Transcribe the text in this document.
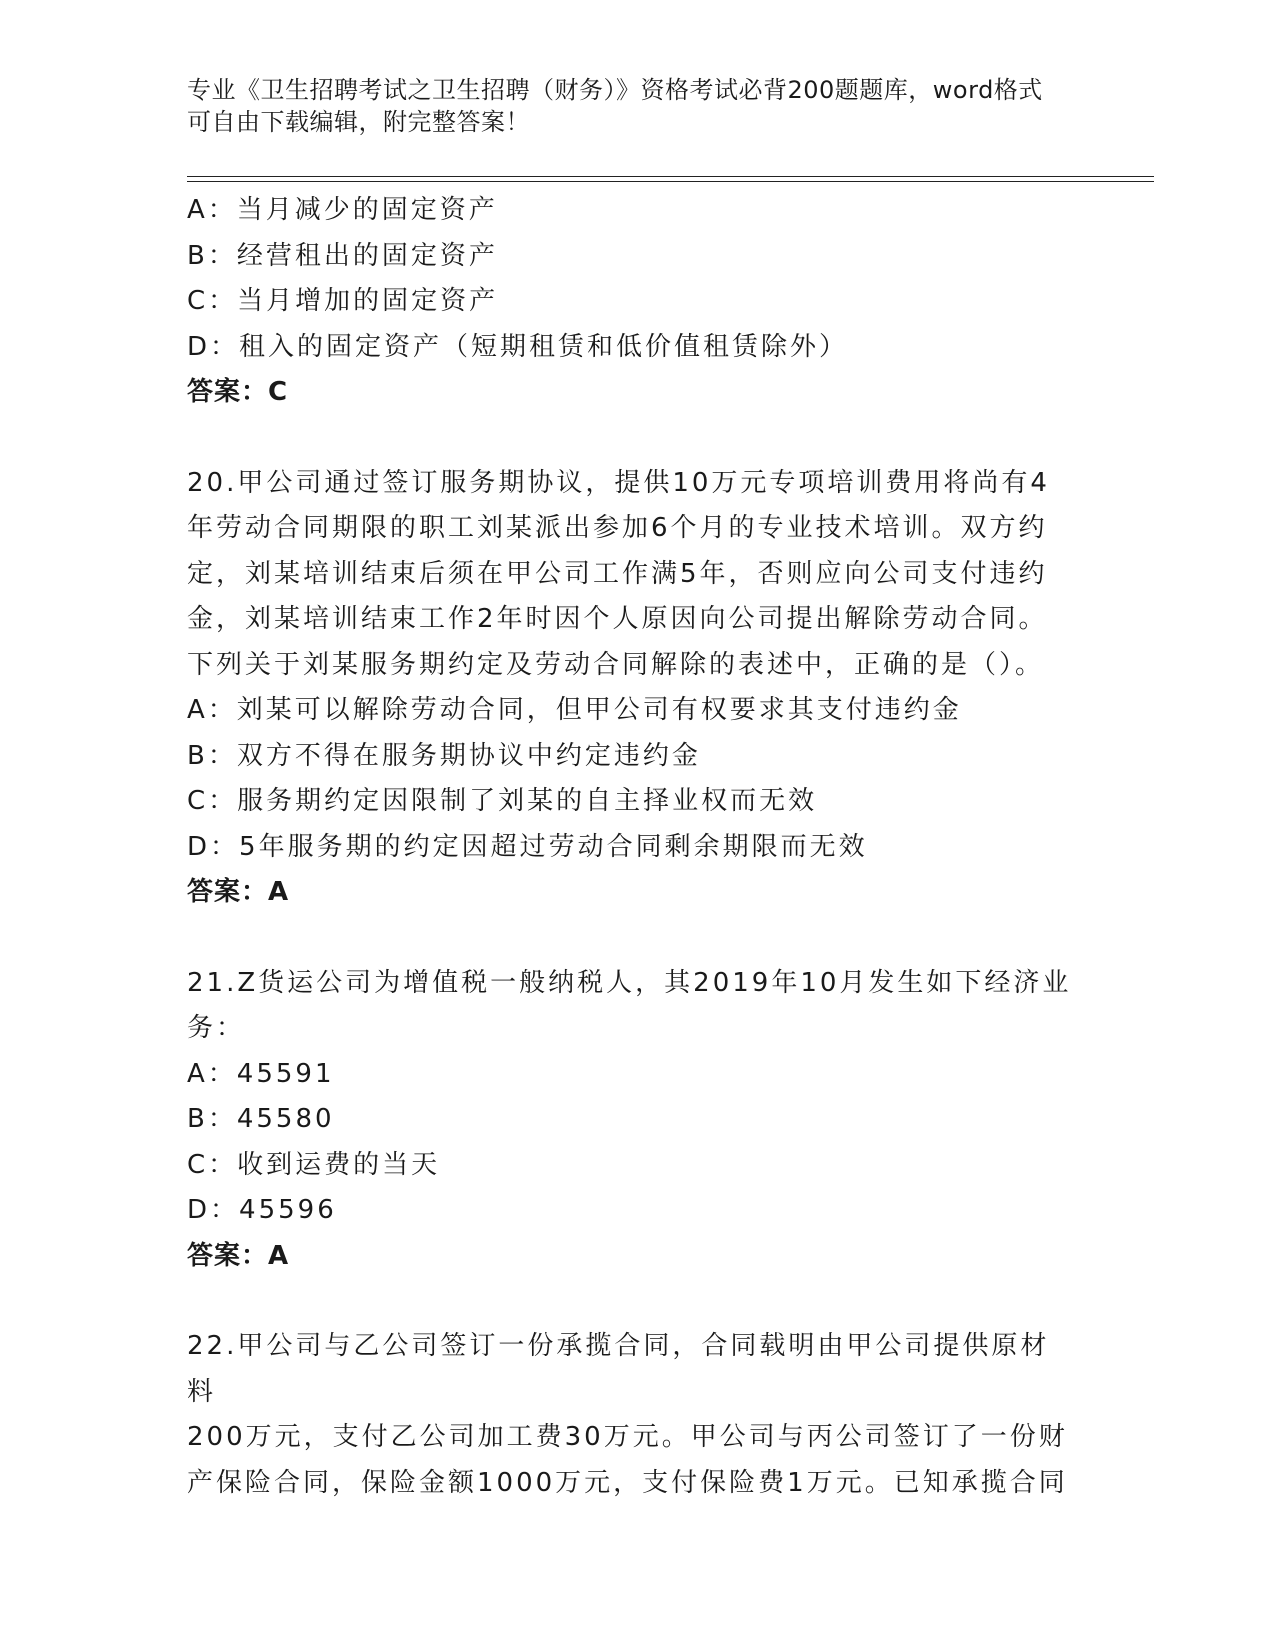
专业《卫生招聘考试之卫生招聘（财务）》资格考试必背200题题库，word格式
可自由下载编辑，附完整答案！
A：当月减少的固定资产
B：经营租出的固定资产
C：当月增加的固定资产
D：租入的固定资产（短期租赁和低价值租赁除外）
答案：C
20.甲公司通过签订服务期协议，提供10万元专项培训费用将尚有4
年劳动合同期限的职工刘某派出参加6个月的专业技术培训。双方约
定，刘某培训结束后须在甲公司工作满5年，否则应向公司支付违约
金，刘某培训结束工作2年时因个人原因向公司提出解除劳动合同。
下列关于刘某服务期约定及劳动合同解除的表述中，正确的是（）。
A：刘某可以解除劳动合同，但甲公司有权要求其支付违约金
B：双方不得在服务期协议中约定违约金
C：服务期约定因限制了刘某的自主择业权而无效
D：5年服务期的约定因超过劳动合同剩余期限而无效
答案：A
21.Z货运公司为增值税一般纳税人，其2019年10月发生如下经济业
务：
A：45591
B：45580
C：收到运费的当天
D：45596
答案：A
22.甲公司与乙公司签订一份承揽合同，合同载明由甲公司提供原材料
200万元，支付乙公司加工费30万元。甲公司与丙公司签订了一份财
产保险合同，保险金额1000万元，支付保险费1万元。已知承揽合同
